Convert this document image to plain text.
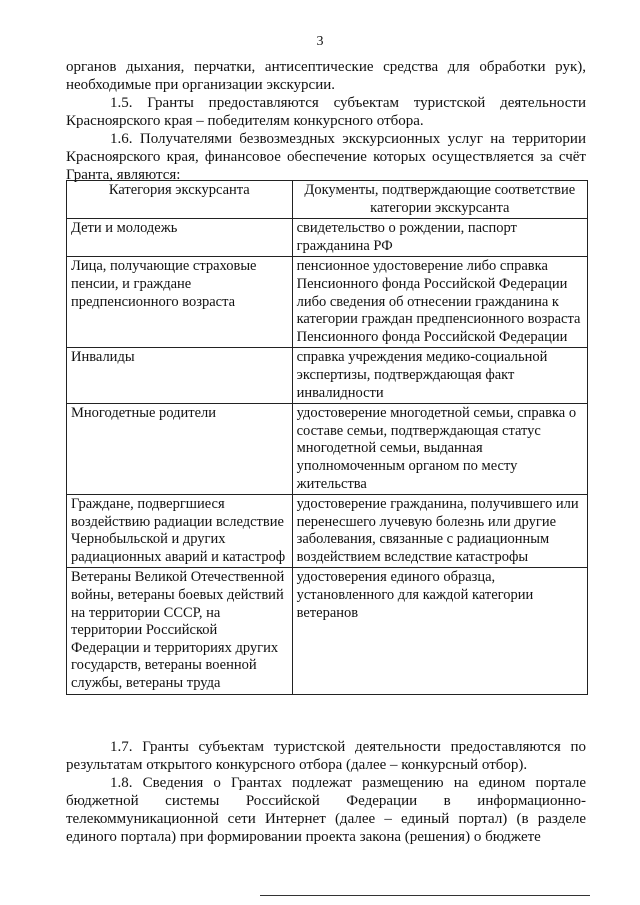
3

органов дыхания, перчатки, антисептические средства для обработки рук), необходимые при организации экскурсии.

1.5. Гранты предоставляются субъектам туристской деятельности Красноярского края – победителям конкурсного отбора.

1.6. Получателями безвозмездных экскурсионных услуг на территории Красноярского края, финансовое обеспечение которых осуществляется за счёт Гранта, являются:

Категория экскурсанта	Документы, подтверждающие соответствие категории экскурсанта
Дети и молодежь	свидетельство о рождении, паспорт гражданина РФ
Лица, получающие страховые пенсии, и граждане предпенсионного возраста	пенсионное удостоверение либо справка Пенсионного фонда Российской Федерации либо сведения об отнесении гражданина к категории граждан предпенсионного возраста Пенсионного фонда Российской Федерации
Инвалиды	справка учреждения медико-социальной экспертизы, подтверждающая факт инвалидности
Многодетные родители	удостоверение многодетной семьи, справка о составе семьи, подтверждающая статус многодетной семьи, выданная уполномоченным органом по месту жительства
Граждане, подвергшиеся воздействию радиации вследствие Чернобыльской и других радиационных аварий и катастроф	удостоверение гражданина, получившего или перенесшего лучевую болезнь или другие заболевания, связанные с радиационным воздействием вследствие катастрофы
Ветераны Великой Отечественной войны, ветераны боевых действий на территории СССР, на территории Российской Федерации и территориях других государств, ветераны военной службы, ветераны труда	удостоверения единого образца, установленного для каждой категории ветеранов

1.7. Гранты субъектам туристской деятельности предоставляются по результатам открытого конкурсного отбора (далее – конкурсный отбор).

1.8. Сведения о Грантах подлежат размещению на едином портале бюджетной системы Российской Федерации в информационно-телекоммуникационной сети Интернет (далее – единый портал) (в разделе единого портала) при формировании проекта закона (решения) о бюджете
